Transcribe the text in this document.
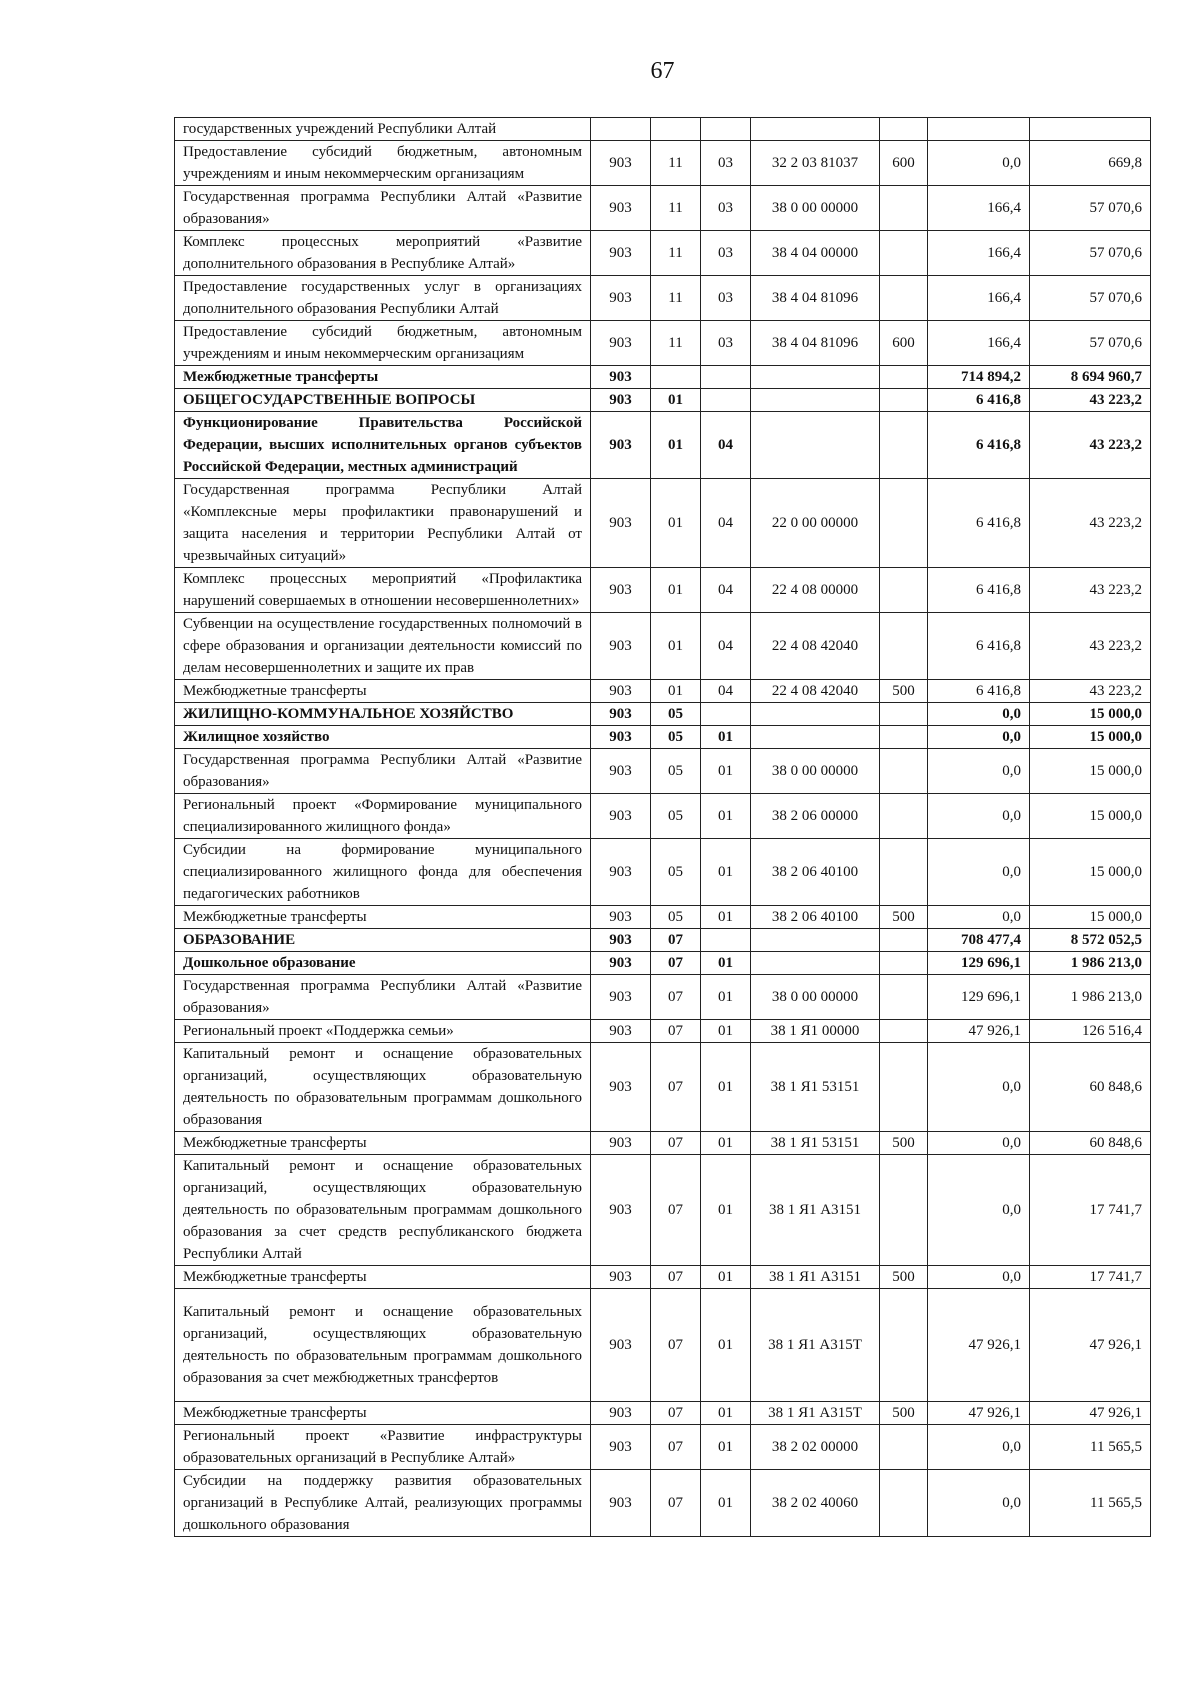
67
государственных учреждений Республики Алтай							
Предоставление субсидий бюджетным, автономным учреждениям и иным некоммерческим организациям	903	11	03	32 2 03 81037	600	0,0	669,8
Государственная программа Республики Алтай «Развитие образования»	903	11	03	38 0 00 00000		166,4	57 070,6
Комплекс процессных мероприятий «Развитие дополнительного образования в Республике Алтай»	903	11	03	38 4 04 00000		166,4	57 070,6
Предоставление государственных услуг в организациях дополнительного образования Республики Алтай	903	11	03	38 4 04 81096		166,4	57 070,6
Предоставление субсидий бюджетным, автономным учреждениям и иным некоммерческим организациям	903	11	03	38 4 04 81096	600	166,4	57 070,6
Межбюджетные трансферты	903					714 894,2	8 694 960,7
ОБЩЕГОСУДАРСТВЕННЫЕ ВОПРОСЫ	903	01				6 416,8	43 223,2
Функционирование Правительства Российской Федерации, высших исполнительных органов субъектов Российской Федерации, местных администраций	903	01	04			6 416,8	43 223,2
Государственная программа Республики Алтай «Комплексные меры профилактики правонарушений и защита населения и территории Республики Алтай от чрезвычайных ситуаций»	903	01	04	22 0 00 00000		6 416,8	43 223,2
Комплекс процессных мероприятий «Профилактика нарушений совершаемых в отношении несовершеннолетних»	903	01	04	22 4 08 00000		6 416,8	43 223,2
Субвенции на осуществление государственных полномочий в сфере образования и организации деятельности комиссий по делам несовершеннолетних и защите их прав	903	01	04	22 4 08 42040		6 416,8	43 223,2
Межбюджетные трансферты	903	01	04	22 4 08 42040	500	6 416,8	43 223,2
ЖИЛИЩНО-КОММУНАЛЬНОЕ ХОЗЯЙСТВО	903	05				0,0	15 000,0
Жилищное хозяйство	903	05	01			0,0	15 000,0
Государственная программа Республики Алтай «Развитие образования»	903	05	01	38 0 00 00000		0,0	15 000,0
Региональный проект «Формирование муниципального специализированного жилищного фонда»	903	05	01	38 2 06 00000		0,0	15 000,0
Субсидии на формирование муниципального специализированного жилищного фонда для обеспечения педагогических работников	903	05	01	38 2 06 40100		0,0	15 000,0
Межбюджетные трансферты	903	05	01	38 2 06 40100	500	0,0	15 000,0
ОБРАЗОВАНИЕ	903	07				708 477,4	8 572 052,5
Дошкольное образование	903	07	01			129 696,1	1 986 213,0
Государственная программа Республики Алтай «Развитие образования»	903	07	01	38 0 00 00000		129 696,1	1 986 213,0
Региональный проект «Поддержка семьи»	903	07	01	38 1 Я1 00000		47 926,1	126 516,4
Капитальный ремонт и оснащение образовательных организаций, осуществляющих образовательную деятельность по образовательным программам дошкольного образования	903	07	01	38 1 Я1 53151		0,0	60 848,6
Межбюджетные трансферты	903	07	01	38 1 Я1 53151	500	0,0	60 848,6
Капитальный ремонт и оснащение образовательных организаций, осуществляющих образовательную деятельность по образовательным программам дошкольного образования за счет средств республиканского бюджета Республики Алтай	903	07	01	38 1 Я1 А3151		0,0	17 741,7
Межбюджетные трансферты	903	07	01	38 1 Я1 А3151	500	0,0	17 741,7
Капитальный ремонт и оснащение образовательных организаций, осуществляющих образовательную деятельность по образовательным программам дошкольного образования за счет межбюджетных трансфертов	903	07	01	38 1 Я1 А315Т		47 926,1	47 926,1
Межбюджетные трансферты	903	07	01	38 1 Я1 А315Т	500	47 926,1	47 926,1
Региональный проект «Развитие инфраструктуры образовательных организаций в Республике Алтай»	903	07	01	38 2 02 00000		0,0	11 565,5
Субсидии на поддержку развития образовательных организаций в Республике Алтай, реализующих программы дошкольного образования	903	07	01	38 2 02 40060		0,0	11 565,5
